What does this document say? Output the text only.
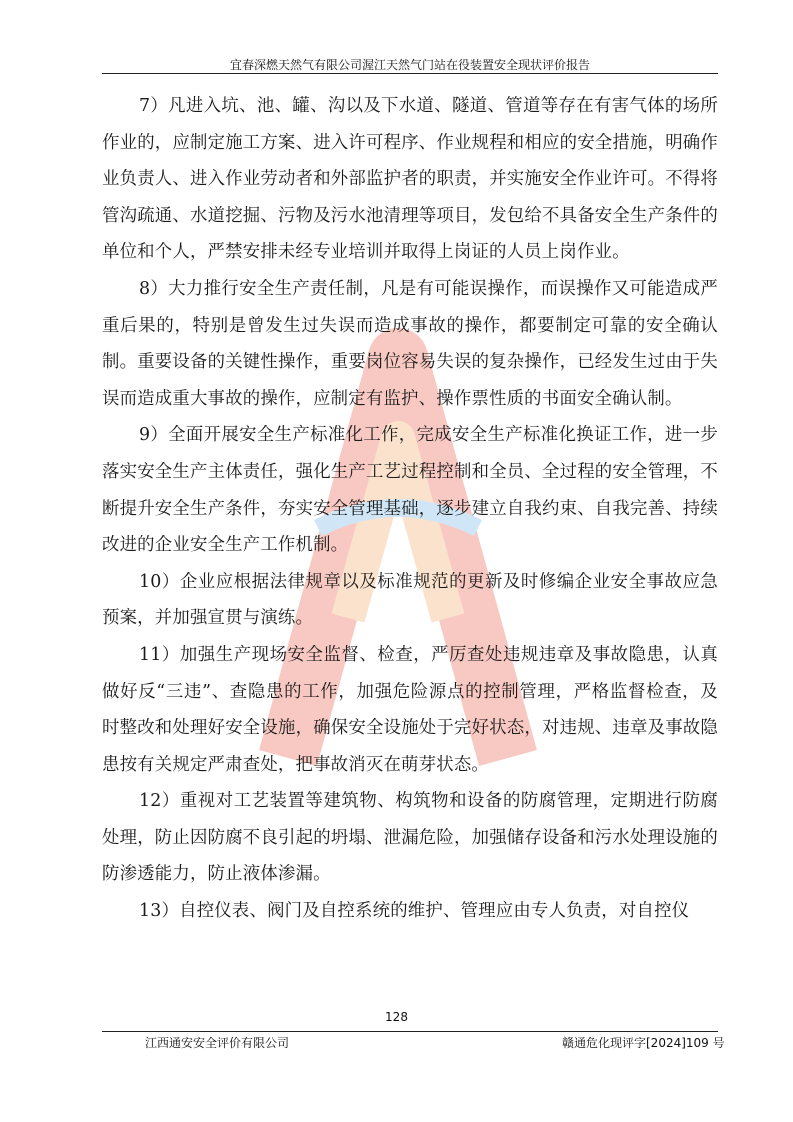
宜春深燃天然气有限公司渥江天然气门站在役装置安全现状评价报告

7）凡进入坑、池、罐、沟以及下水道、隧道、管道等存在有害气体的场所作业的，应制定施工方案、进入许可程序、作业规程和相应的安全措施，明确作业负责人、进入作业劳动者和外部监护者的职责，并实施安全作业许可。不得将管沟疏通、水道挖掘、污物及污水池清理等项目，发包给不具备安全生产条件的单位和个人，严禁安排未经专业培训并取得上岗证的人员上岗作业。

8）大力推行安全生产责任制，凡是有可能误操作，而误操作又可能造成严重后果的，特别是曾发生过失误而造成事故的操作，都要制定可靠的安全确认制。重要设备的关键性操作，重要岗位容易失误的复杂操作，已经发生过由于失误而造成重大事故的操作，应制定有监护、操作票性质的书面安全确认制。

9）全面开展安全生产标准化工作，完成安全生产标准化换证工作，进一步落实安全生产主体责任，强化生产工艺过程控制和全员、全过程的安全管理，不断提升安全生产条件，夯实安全管理基础，逐步建立自我约束、自我完善、持续改进的企业安全生产工作机制。

10）企业应根据法律规章以及标准规范的更新及时修编企业安全事故应急预案，并加强宣贯与演练。

11）加强生产现场安全监督、检查，严厉查处违规违章及事故隐患，认真做好反“三违”、查隐患的工作，加强危险源点的控制管理，严格监督检查，及时整改和处理好安全设施，确保安全设施处于完好状态，对违规、违章及事故隐患按有关规定严肃查处，把事故消灭在萌芽状态。

12）重视对工艺装置等建筑物、构筑物和设备的防腐管理，定期进行防腐处理，防止因防腐不良引起的坍塌、泄漏危险，加强储存设备和污水处理设施的防渗透能力，防止液体渗漏。

13）自控仪表、阀门及自控系统的维护、管理应由专人负责，对自控仪

128
江西通安安全评价有限公司	赣通危化现评字[2024]109 号
